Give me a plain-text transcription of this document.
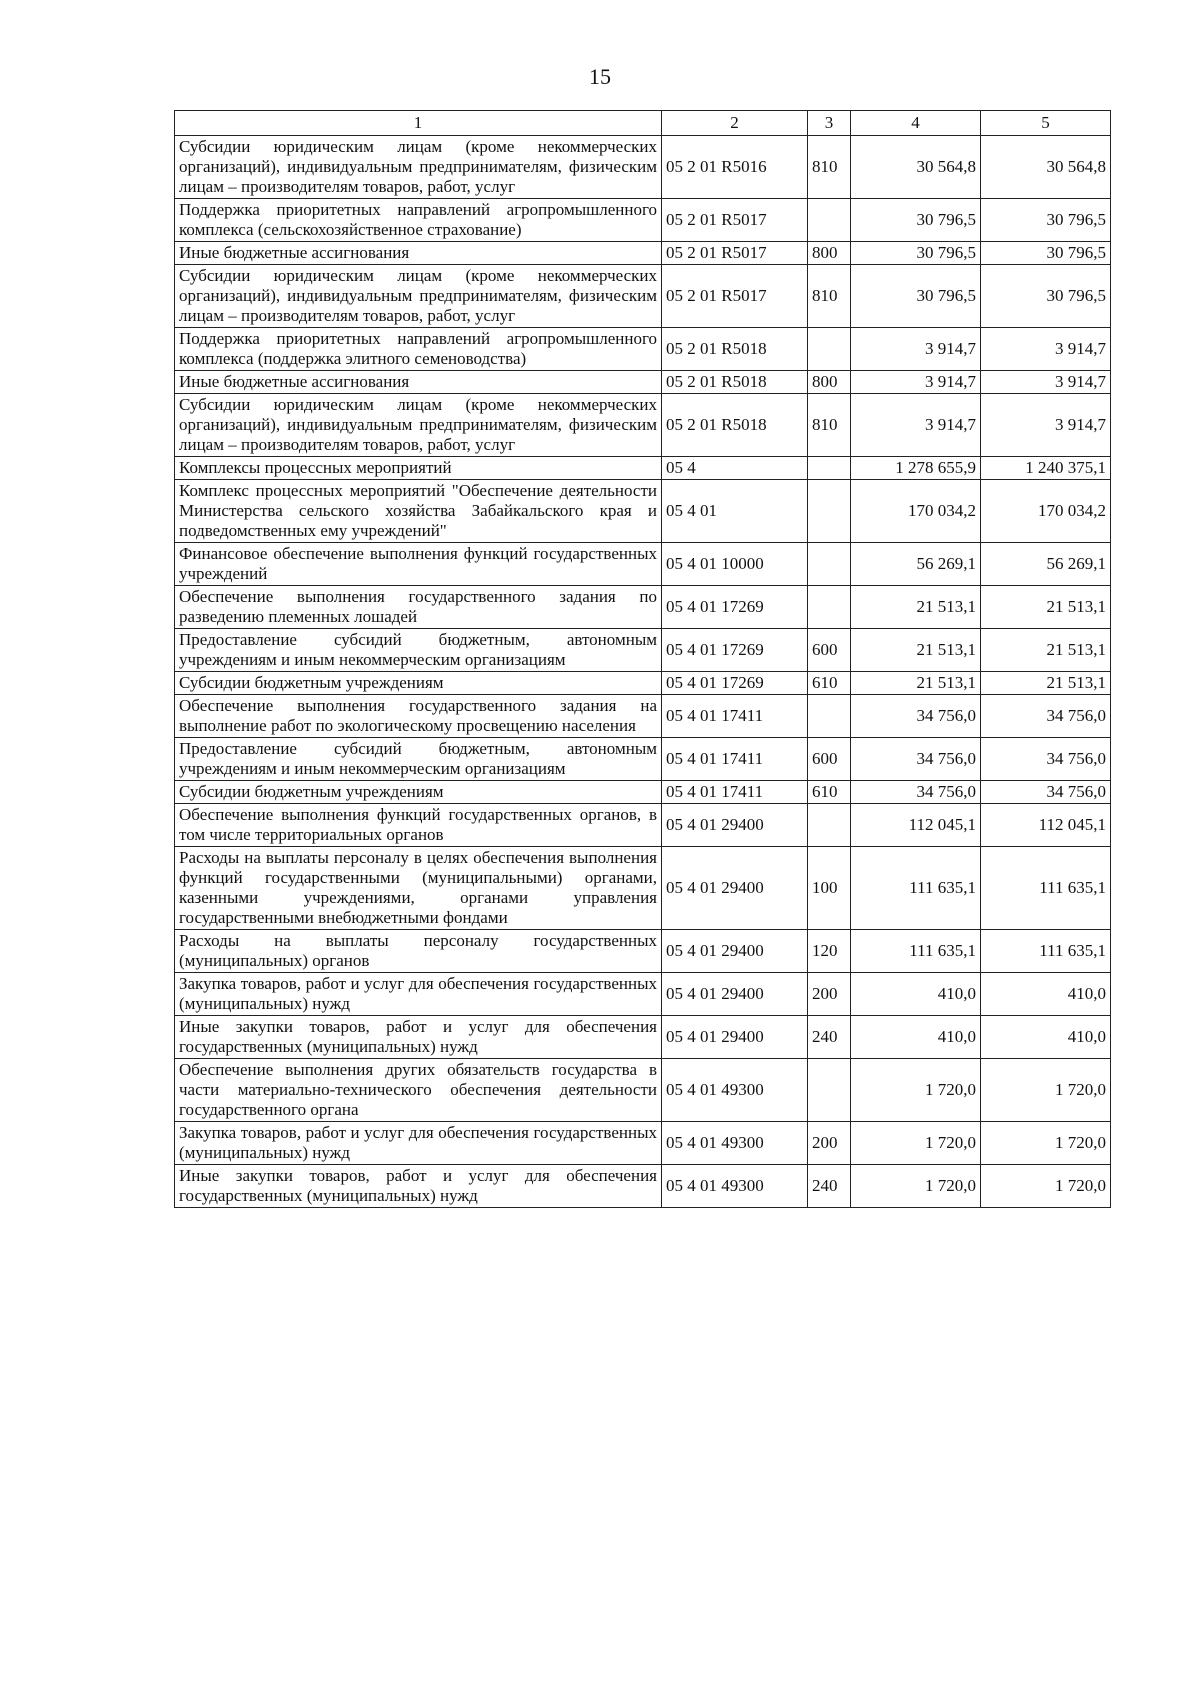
15
1	2	3	4	5
Субсидии юридическим лицам (кроме некоммерческих организаций), индивидуальным предпринимателям, физическим лицам – производителям товаров, работ, услуг	05 2 01 R5016	810	30 564,8	30 564,8
Поддержка приоритетных направлений агропромышленного комплекса (сельскохозяйственное страхование)	05 2 01 R5017		30 796,5	30 796,5
Иные бюджетные ассигнования	05 2 01 R5017	800	30 796,5	30 796,5
Субсидии юридическим лицам (кроме некоммерческих организаций), индивидуальным предпринимателям, физическим лицам – производителям товаров, работ, услуг	05 2 01 R5017	810	30 796,5	30 796,5
Поддержка приоритетных направлений агропромышленного комплекса (поддержка элитного семеноводства)	05 2 01 R5018		3 914,7	3 914,7
Иные бюджетные ассигнования	05 2 01 R5018	800	3 914,7	3 914,7
Субсидии юридическим лицам (кроме некоммерческих организаций), индивидуальным предпринимателям, физическим лицам – производителям товаров, работ, услуг	05 2 01 R5018	810	3 914,7	3 914,7
Комплексы процессных мероприятий	05 4		1 278 655,9	1 240 375,1
Комплекс процессных мероприятий "Обеспечение деятельности Министерства сельского хозяйства Забайкальского края и подведомственных ему учреждений"	05 4 01		170 034,2	170 034,2
Финансовое обеспечение выполнения функций государственных учреждений	05 4 01 10000		56 269,1	56 269,1
Обеспечение выполнения государственного задания по разведению племенных лошадей	05 4 01 17269		21 513,1	21 513,1
Предоставление субсидий бюджетным, автономным учреждениям и иным некоммерческим организациям	05 4 01 17269	600	21 513,1	21 513,1
Субсидии бюджетным учреждениям	05 4 01 17269	610	21 513,1	21 513,1
Обеспечение выполнения государственного задания на выполнение работ по экологическому просвещению населения	05 4 01 17411		34 756,0	34 756,0
Предоставление субсидий бюджетным, автономным учреждениям и иным некоммерческим организациям	05 4 01 17411	600	34 756,0	34 756,0
Субсидии бюджетным учреждениям	05 4 01 17411	610	34 756,0	34 756,0
Обеспечение выполнения функций государственных органов, в том числе территориальных органов	05 4 01 29400		112 045,1	112 045,1
Расходы на выплаты персоналу в целях обеспечения выполнения функций государственными (муниципальными) органами, казенными учреждениями, органами управления государственными внебюджетными фондами	05 4 01 29400	100	111 635,1	111 635,1
Расходы на выплаты персоналу государственных (муниципальных) органов	05 4 01 29400	120	111 635,1	111 635,1
Закупка товаров, работ и услуг для обеспечения государственных (муниципальных) нужд	05 4 01 29400	200	410,0	410,0
Иные закупки товаров, работ и услуг для обеспечения государственных (муниципальных) нужд	05 4 01 29400	240	410,0	410,0
Обеспечение выполнения других обязательств государства в части материально-технического обеспечения деятельности государственного органа	05 4 01 49300		1 720,0	1 720,0
Закупка товаров, работ и услуг для обеспечения государственных (муниципальных) нужд	05 4 01 49300	200	1 720,0	1 720,0
Иные закупки товаров, работ и услуг для обеспечения государственных (муниципальных) нужд	05 4 01 49300	240	1 720,0	1 720,0
